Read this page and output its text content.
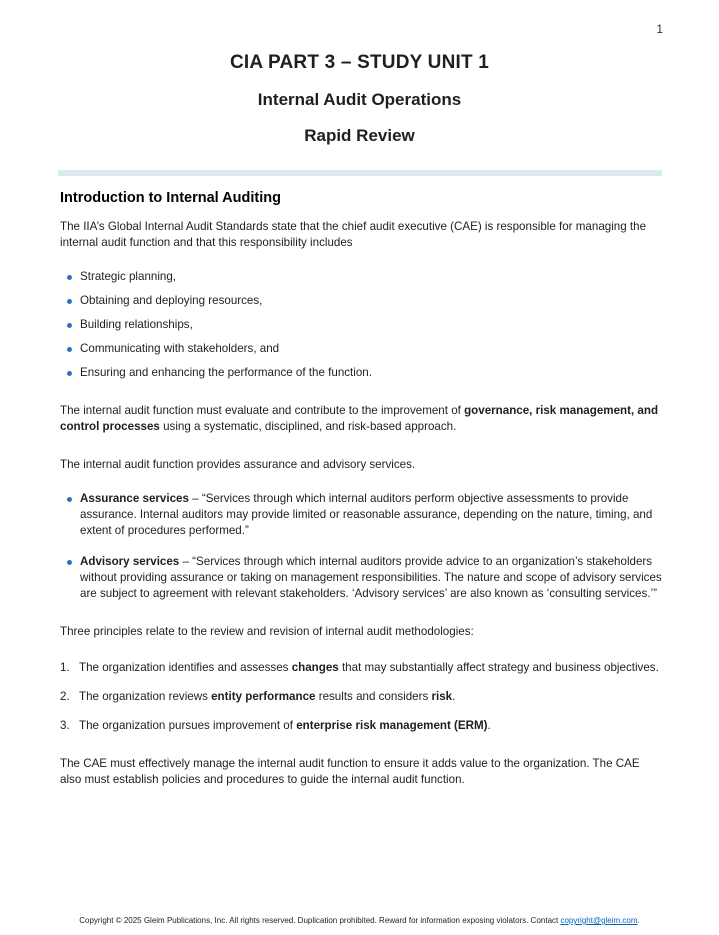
1
CIA PART 3 – STUDY UNIT 1
Internal Audit Operations
Rapid Review
Introduction to Internal Auditing

The IIA’s Global Internal Audit Standards state that the chief audit executive (CAE) is responsible for managing the internal audit function and that this responsibility includes

Strategic planning,
Obtaining and deploying resources,
Building relationships,
Communicating with stakeholders, and
Ensuring and enhancing the performance of the function.

The internal audit function must evaluate and contribute to the improvement of governance, risk management, and control processes using a systematic, disciplined, and risk-based approach.

The internal audit function provides assurance and advisory services.

Assurance services – “Services through which internal auditors perform objective assessments to provide assurance. Internal auditors may provide limited or reasonable assurance, depending on the nature, timing, and extent of procedures performed.”
Advisory services – “Services through which internal auditors provide advice to an organization’s stakeholders without providing assurance or taking on management responsibilities. The nature and scope of advisory services are subject to agreement with relevant stakeholders. ‘Advisory services’ are also known as ‘consulting services.’”

Three principles relate to the review and revision of internal audit methodologies:

1. The organization identifies and assesses changes that may substantially affect strategy and business objectives.
2. The organization reviews entity performance results and considers risk.
3. The organization pursues improvement of enterprise risk management (ERM).

The CAE must effectively manage the internal audit function to ensure it adds value to the organization. The CAE also must establish policies and procedures to guide the internal audit function.

Copyright © 2025 Gleim Publications, Inc. All rights reserved. Duplication prohibited. Reward for information exposing violators. Contact copyright@gleim.com.
